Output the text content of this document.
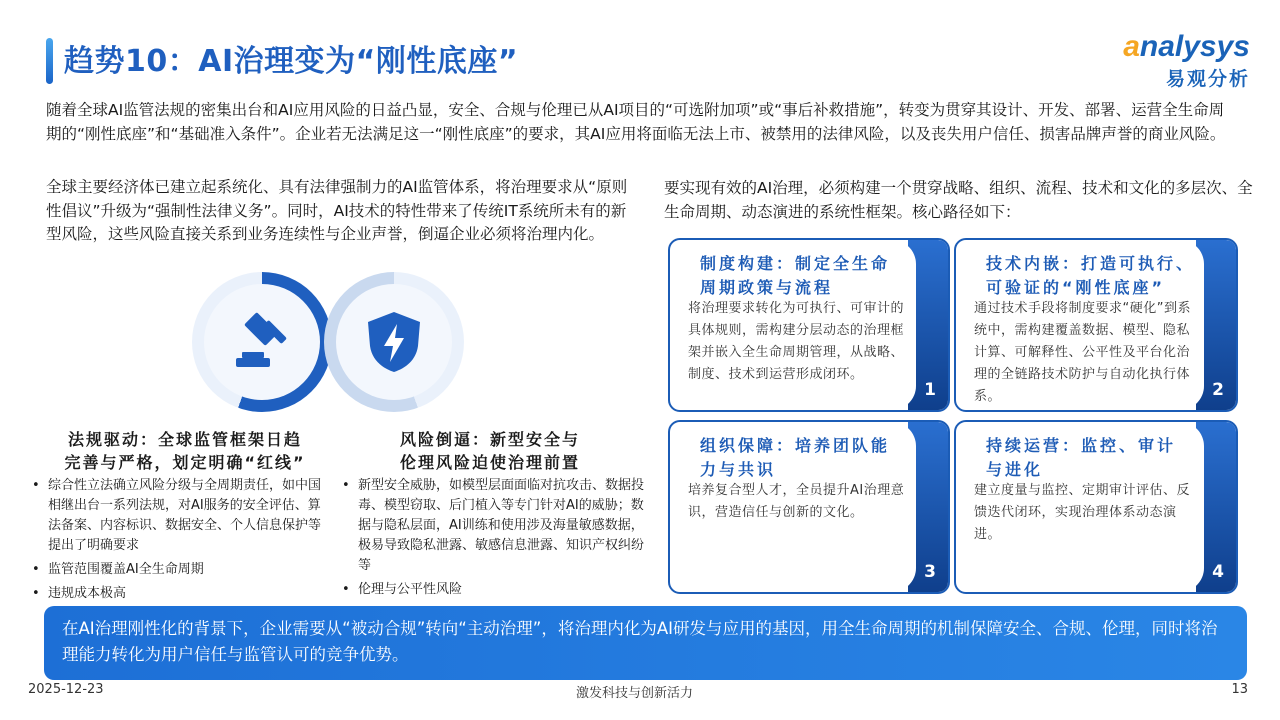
趋势10：AI治理变为“刚性底座”	analysys
易观分析
随着全球AI监管法规的密集出台和AI应用风险的日益凸显，安全、合规与伦理已从AI项目的“可选附加项”或“事后补救措施”，转变为贯穿其设计、开发、部署、运营全生命周期的“刚性底座”和“基础准入条件”。企业若无法满足这一“刚性底座”的要求，其AI应用将面临无法上市、被禁用的法律风险，以及丧失用户信任、损害品牌声誉的商业风险。
全球主要经济体已建立起系统化、具有法律强制力的AI监管体系，将治理要求从“原则性倡议”升级为“强制性法律义务”。同时，AI技术的特性带来了传统IT系统所未有的新型风险，这些风险直接关系到业务连续性与企业声誉，倒逼企业必须将治理内化。
要实现有效的AI治理，必须构建一个贯穿战略、组织、流程、技术和文化的多层次、全生命周期、动态演进的系统性框架。核心路径如下：
法规驱动：全球监管框架日趋
完善与严格，划定明确“红线”
• 综合性立法确立风险分级与全周期责任，如中国相继出台一系列法规，对AI服务的安全评估、算法备案、内容标识、数据安全、个人信息保护等提出了明确要求
• 监管范围覆盖AI全生命周期
• 违规成本极高
风险倒逼：新型安全与
伦理风险迫使治理前置
• 新型安全威胁，如模型层面面临对抗攻击、数据投毒、模型窃取、后门植入等专门针对AI的威胁；数据与隐私层面，AI训练和使用涉及海量敏感数据，极易导致隐私泄露、敏感信息泄露、知识产权纠纷等
• 伦理与公平性风险
制度构建：制定全生命周期政策与流程
将治理要求转化为可执行、可审计的具体规则，需构建分层动态的治理框架并嵌入全生命周期管理，从战略、制度、技术到运营形成闭环。
1
技术内嵌：打造可执行、可验证的“刚性底座”
通过技术手段将制度要求“硬化”到系统中，需构建覆盖数据、模型、隐私计算、可解释性、公平性及平台化治理的全链路技术防护与自动化执行体系。	2
组织保障：培养团队能力与共识
培养复合型人才，全员提升AI治理意识，营造信任与创新的文化。
3
持续运营：监控、审计与进化
建立度量与监控、定期审计评估、反馈迭代闭环，实现治理体系动态演进。
4
在AI治理刚性化的背景下，企业需要从“被动合规”转向“主动治理”，将治理内化为AI研发与应用的基因，用全生命周期的机制保障安全、合规、伦理，同时将治理能力转化为用户信任与监管认可的竞争优势。
2025-12-23	激发科技与创新活力	13
